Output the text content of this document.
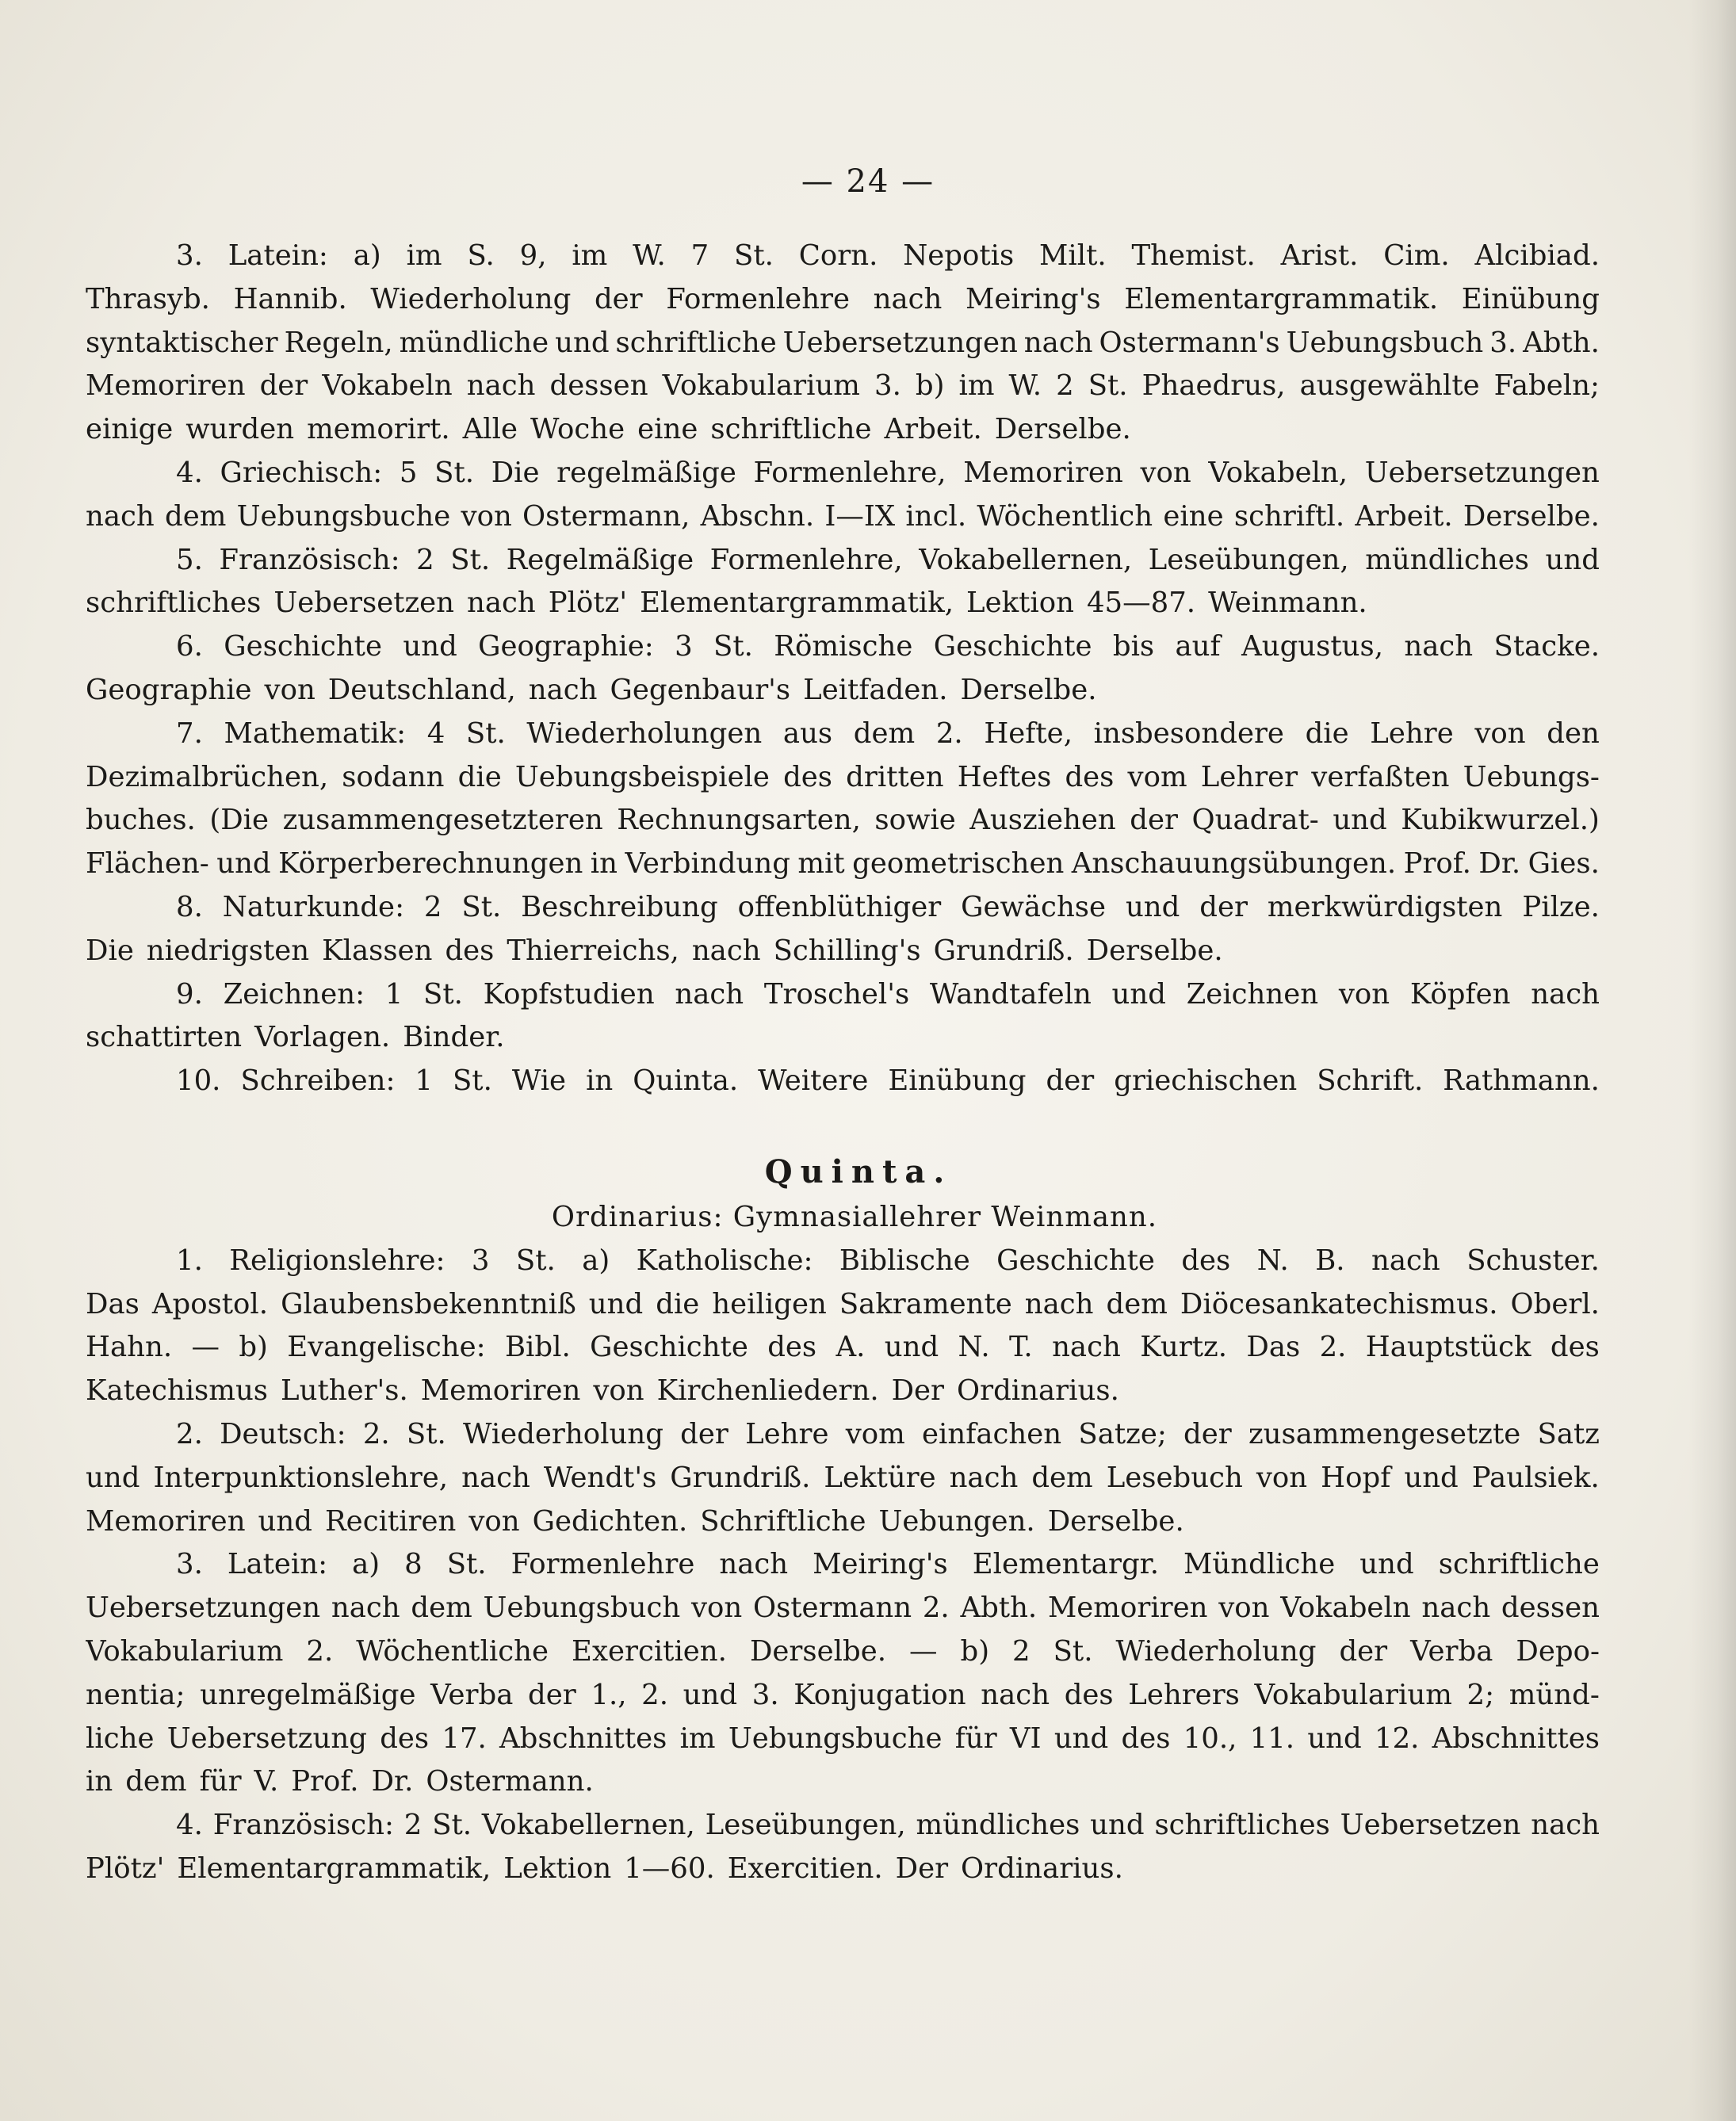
— 24 —
3. Latein: a) im S. 9, im W. 7 St. Corn. Nepotis Milt. Themist. Arist. Cim. Alcibiad.
Thrasyb. Hannib. Wiederholung der Formenlehre nach Meiring's Elementargrammatik. Einübung
syntaktischer Regeln, mündliche und schriftliche Uebersetzungen nach Ostermann's Uebungsbuch 3. Abth.
Memoriren der Vokabeln nach dessen Vokabularium 3. b) im W. 2 St. Phaedrus, ausgewählte Fabeln;
einige wurden memorirt. Alle Woche eine schriftliche Arbeit. Derselbe.
4. Griechisch: 5 St. Die regelmäßige Formenlehre, Memoriren von Vokabeln, Uebersetzungen
nach dem Uebungsbuche von Ostermann, Abschn. I—IX incl. Wöchentlich eine schriftl. Arbeit. Derselbe.
5. Französisch: 2 St. Regelmäßige Formenlehre, Vokabellernen, Leseübungen, mündliches und
schriftliches Uebersetzen nach Plötz' Elementargrammatik, Lektion 45—87. Weinmann.
6. Geschichte und Geographie: 3 St. Römische Geschichte bis auf Augustus, nach Stacke.
Geographie von Deutschland, nach Gegenbaur's Leitfaden. Derselbe.
7. Mathematik: 4 St. Wiederholungen aus dem 2. Hefte, insbesondere die Lehre von den
Dezimalbrüchen, sodann die Uebungsbeispiele des dritten Heftes des vom Lehrer verfaßten Uebungs-
buches. (Die zusammengesetzteren Rechnungsarten, sowie Ausziehen der Quadrat- und Kubikwurzel.)
Flächen- und Körperberechnungen in Verbindung mit geometrischen Anschauungsübungen. Prof. Dr. Gies.
8. Naturkunde: 2 St. Beschreibung offenblüthiger Gewächse und der merkwürdigsten Pilze.
Die niedrigsten Klassen des Thierreichs, nach Schilling's Grundriß. Derselbe.
9. Zeichnen: 1 St. Kopfstudien nach Troschel's Wandtafeln und Zeichnen von Köpfen nach
schattirten Vorlagen. Binder.
10. Schreiben: 1 St. Wie in Quinta. Weitere Einübung der griechischen Schrift. Rathmann.
Quinta.
Ordinarius: Gymnasiallehrer Weinmann.
1. Religionslehre: 3 St. a) Katholische: Biblische Geschichte des N. B. nach Schuster.
Das Apostol. Glaubensbekenntniß und die heiligen Sakramente nach dem Diöcesankatechismus. Oberl.
Hahn. — b) Evangelische: Bibl. Geschichte des A. und N. T. nach Kurtz. Das 2. Hauptstück des
Katechismus Luther's. Memoriren von Kirchenliedern. Der Ordinarius.
2. Deutsch: 2. St. Wiederholung der Lehre vom einfachen Satze; der zusammengesetzte Satz
und Interpunktionslehre, nach Wendt's Grundriß. Lektüre nach dem Lesebuch von Hopf und Paulsiek.
Memoriren und Recitiren von Gedichten. Schriftliche Uebungen. Derselbe.
3. Latein: a) 8 St. Formenlehre nach Meiring's Elementargr. Mündliche und schriftliche
Uebersetzungen nach dem Uebungsbuch von Ostermann 2. Abth. Memoriren von Vokabeln nach dessen
Vokabularium 2. Wöchentliche Exercitien. Derselbe. — b) 2 St. Wiederholung der Verba Depo-
nentia; unregelmäßige Verba der 1., 2. und 3. Konjugation nach des Lehrers Vokabularium 2; münd-
liche Uebersetzung des 17. Abschnittes im Uebungsbuche für VI und des 10., 11. und 12. Abschnittes
in dem für V. Prof. Dr. Ostermann.
4. Französisch: 2 St. Vokabellernen, Leseübungen, mündliches und schriftliches Uebersetzen nach
Plötz' Elementargrammatik, Lektion 1—60. Exercitien. Der Ordinarius.
